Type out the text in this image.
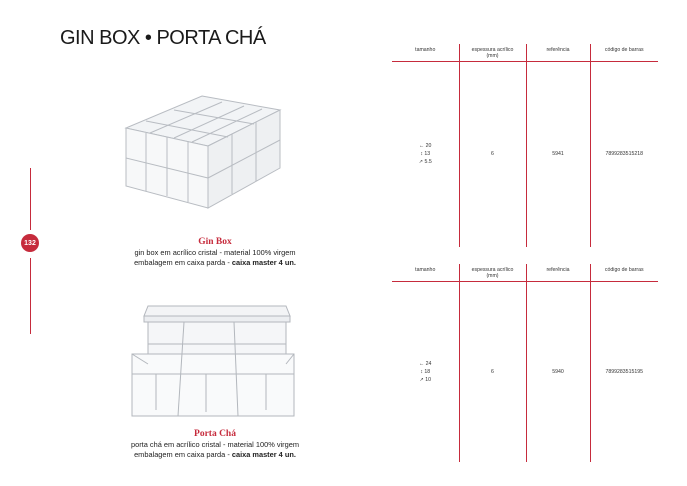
GIN BOX • PORTA CHÁ
132	Gin Box
gin box em acrílico cristal - material 100% virgem
embalagem em caixa parda - caixa master 4 un.
Porta Chá
porta chá em acrílico cristal - material 100% virgem
embalagem em caixa parda - caixa master 4 un.
tamanho	espessura acrílico (mm)	referência	código de barras

← 20
↕ 13
↗ 5.5	6	5941	7899283515218
tamanho	espessura acrílico (mm)	referência	código de barras

← 24
↕ 18
↗ 10	6	5940	7899283515195
